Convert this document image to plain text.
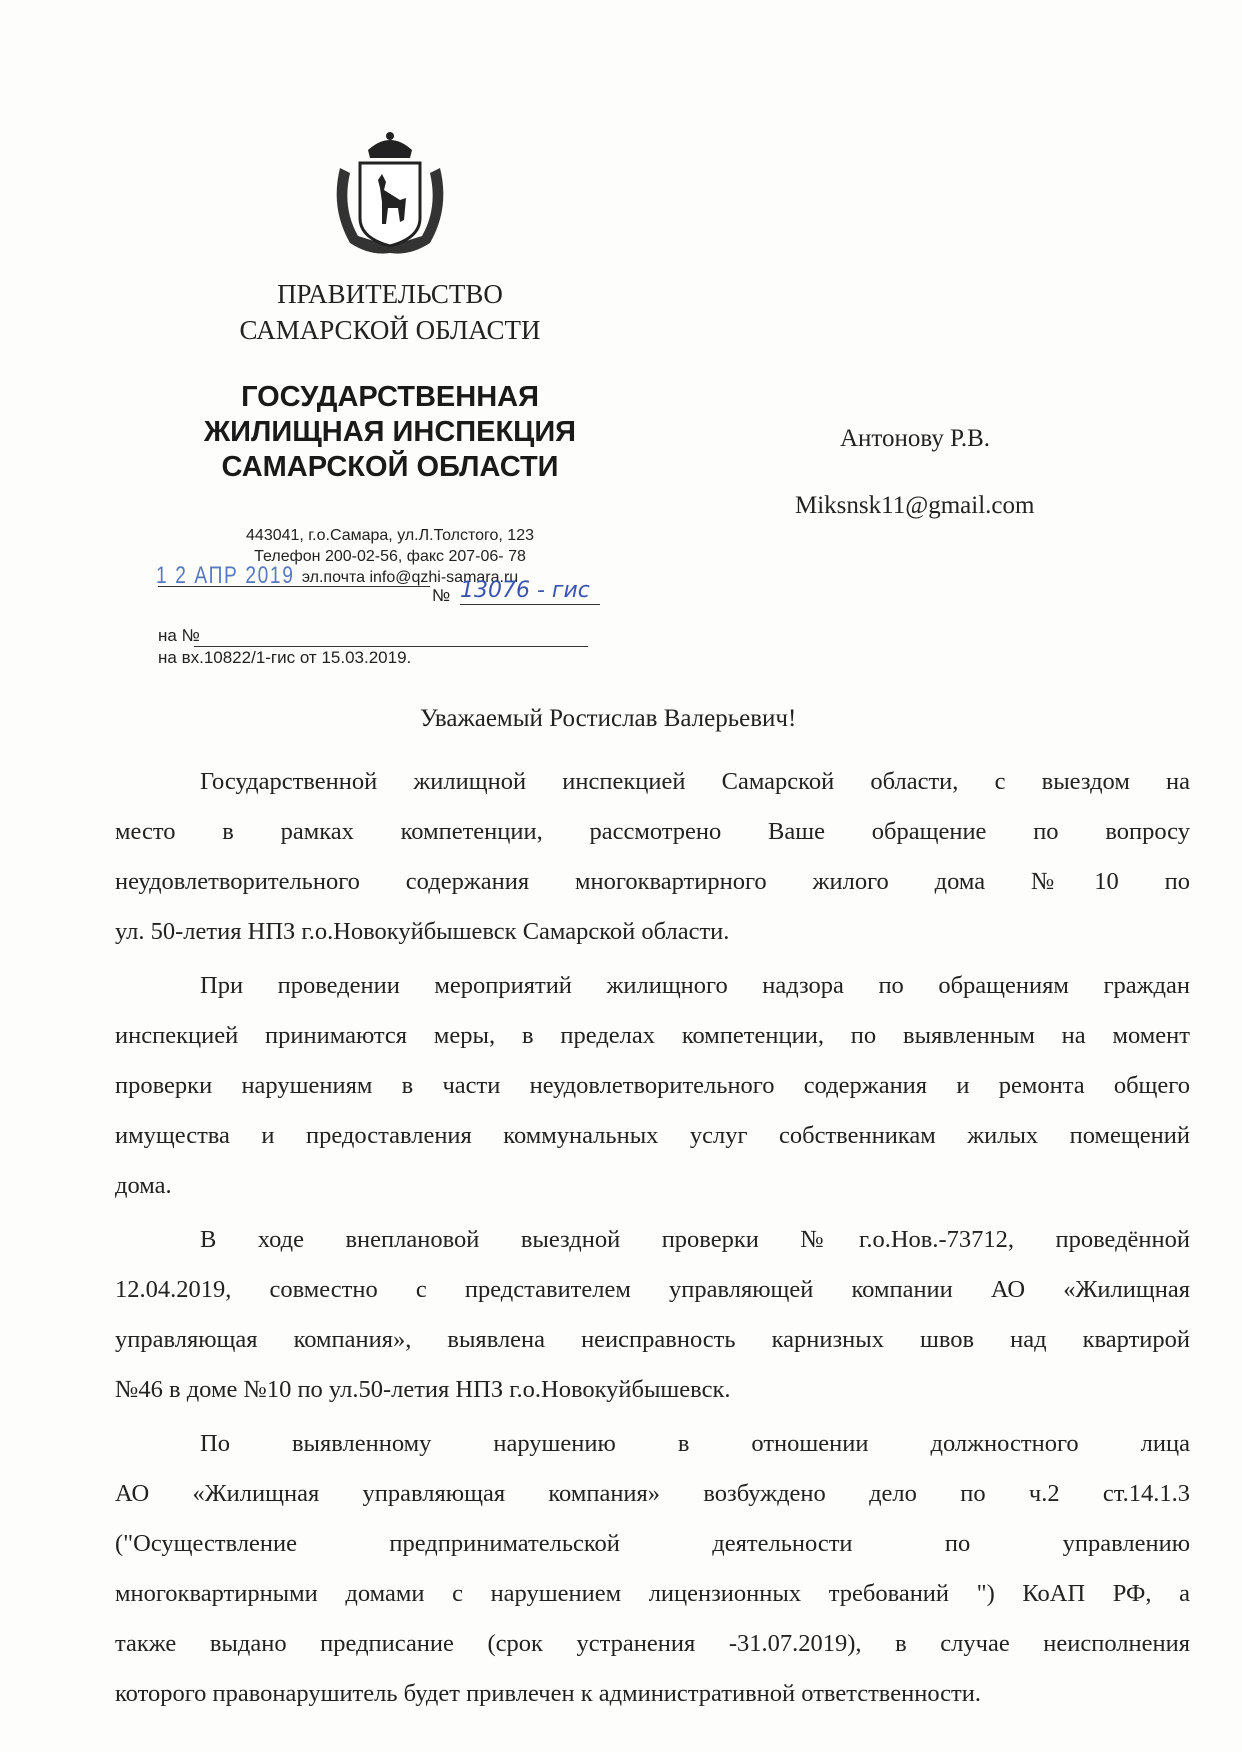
ПРАВИТЕЛЬСТВО
САМАРСКОЙ ОБЛАСТИ
ГОСУДАРСТВЕННАЯ
ЖИЛИЩНАЯ ИНСПЕКЦИЯ
САМАРСКОЙ ОБЛАСТИ
443041, г.о.Самара, ул.Л.Толстого, 123
Телефон 200-02-56, факс 207-06- 78
эл.почта info@qzhi-samara.ru
1 2 АПР 2019
№ 13076 - гис
на №
на вх.10822/1-гис от 15.03.2019.
Антонову Р.В.
Miksnsk11@gmail.com
Уважаемый Ростислав Валерьевич!
Государственной жилищной инспекцией Самарской области, с выездом на
место в рамках компетенции, рассмотрено Ваше обращение по вопросу
неудовлетворительного содержания многоквартирного жилого дома №10 по
ул. 50-летия НПЗ г.о.Новокуйбышевск Самарской области.
При проведении мероприятий жилищного надзора по обращениям граждан
инспекцией принимаются меры, в пределах компетенции, по выявленным на момент
проверки нарушениям в части неудовлетворительного содержания и ремонта общего
имущества и предоставления коммунальных услуг собственникам жилых помещений
дома.
В ходе внеплановой выездной проверки №г.о.Нов.-73712, проведённой
12.04.2019, совместно с представителем управляющей компании АО «Жилищная
управляющая компания», выявлена неисправность карнизных швов над квартирой
№46 в доме №10 по ул.50-летия НПЗ г.о.Новокуйбышевск.
По выявленному нарушению в отношении должностного лица
АО «Жилищная управляющая компания» возбуждено дело по ч.2 ст.14.1.3
("Осуществление предпринимательской деятельности по управлению
многоквартирными домами с нарушением лицензионных требований ") КоАП РФ, а
также выдано предписание (срок устранения -31.07.2019), в случае неисполнения
которого правонарушитель будет привлечен к административной ответственности.
